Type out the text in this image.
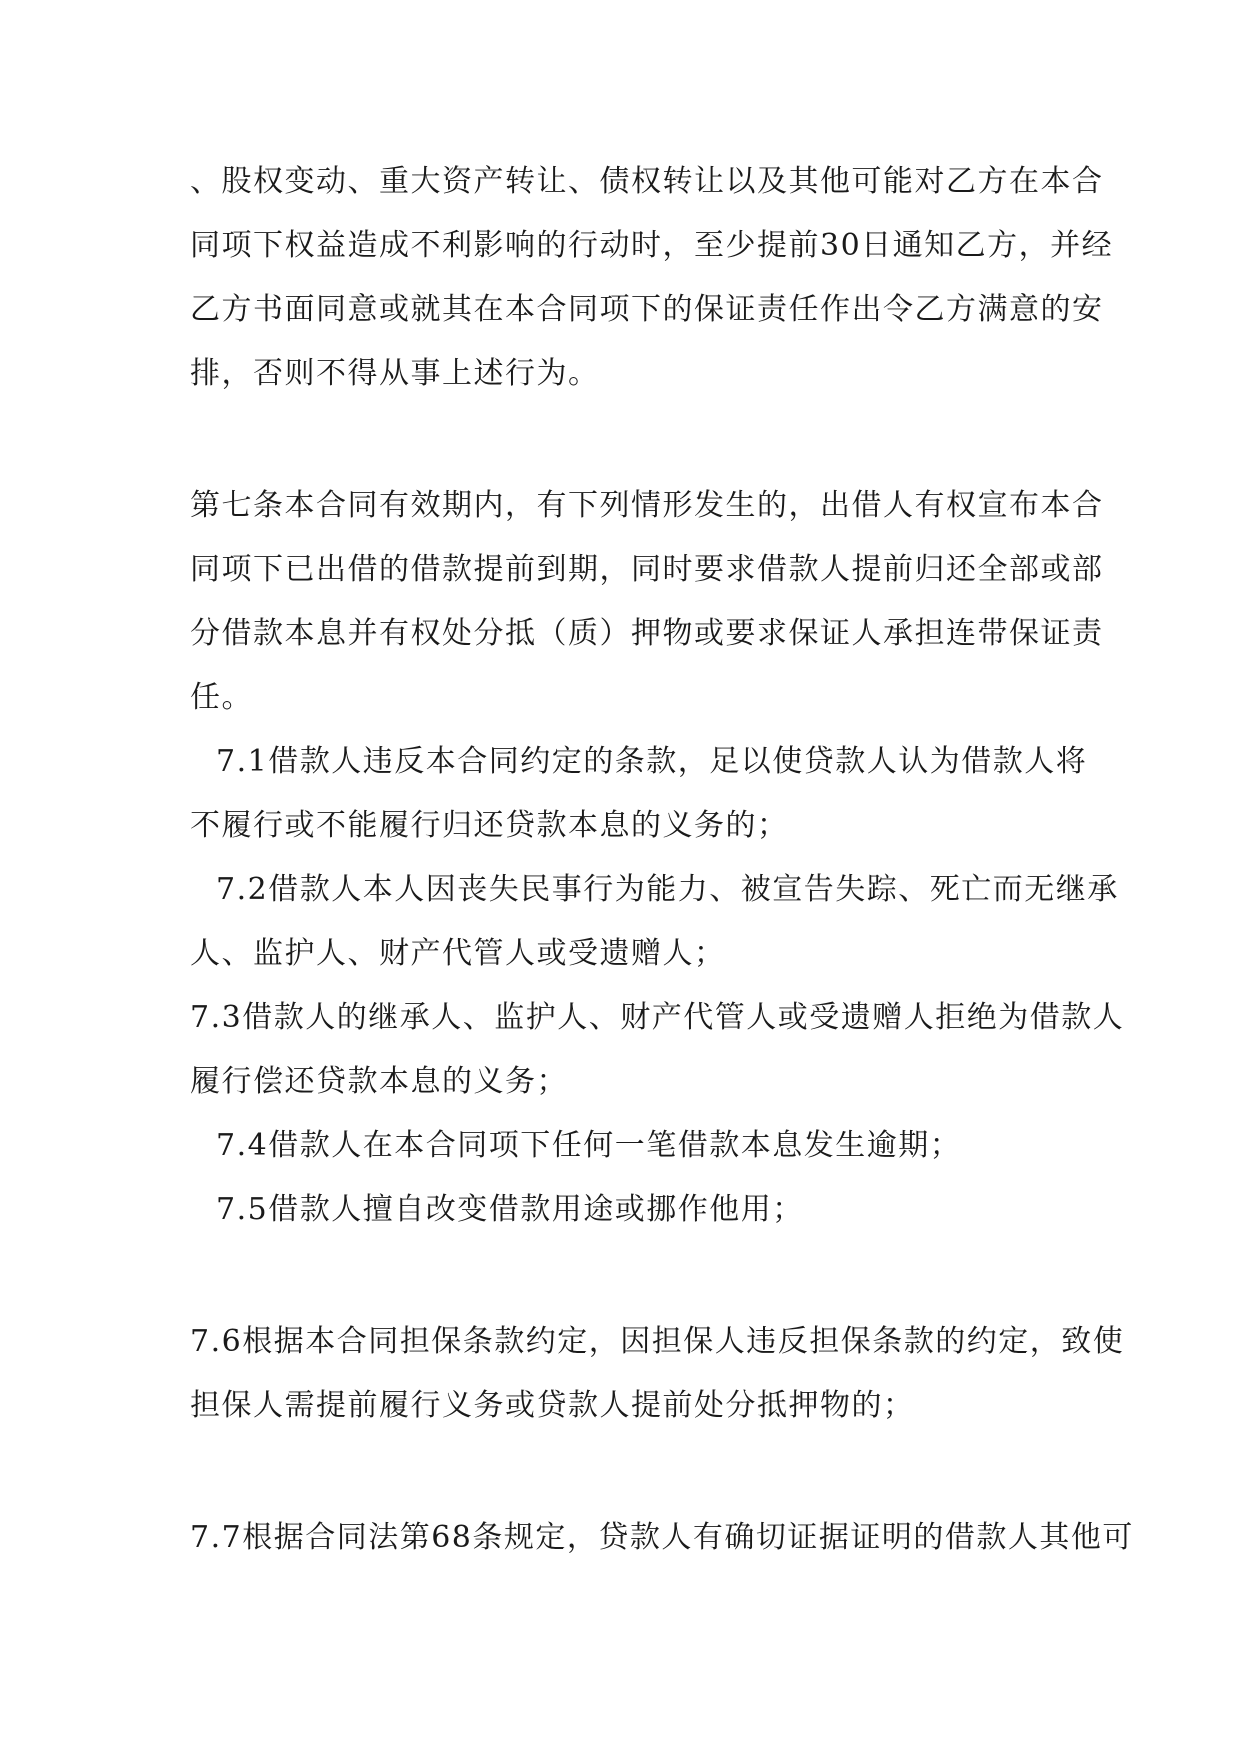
、股权变动、重大资产转让、债权转让以及其他可能对乙方在本合

同项下权益造成不利影响的行动时，至少提前30日通知乙方，并经

乙方书面同意或就其在本合同项下的保证责任作出令乙方满意的安

排，否则不得从事上述行为。

第七条本合同有效期内，有下列情形发生的，出借人有权宣布本合

同项下已出借的借款提前到期，同时要求借款人提前归还全部或部

分借款本息并有权处分抵（质）押物或要求保证人承担连带保证责

任。

7.1借款人违反本合同约定的条款，足以使贷款人认为借款人将

不履行或不能履行归还贷款本息的义务的；

7.2借款人本人因丧失民事行为能力、被宣告失踪、死亡而无继承

人、监护人、财产代管人或受遗赠人；

7.3借款人的继承人、监护人、财产代管人或受遗赠人拒绝为借款人

履行偿还贷款本息的义务；

7.4借款人在本合同项下任何一笔借款本息发生逾期；

7.5借款人擅自改变借款用途或挪作他用；

7.6根据本合同担保条款约定，因担保人违反担保条款的约定，致使

担保人需提前履行义务或贷款人提前处分抵押物的；

7.7根据合同法第68条规定，贷款人有确切证据证明的借款人其他可
